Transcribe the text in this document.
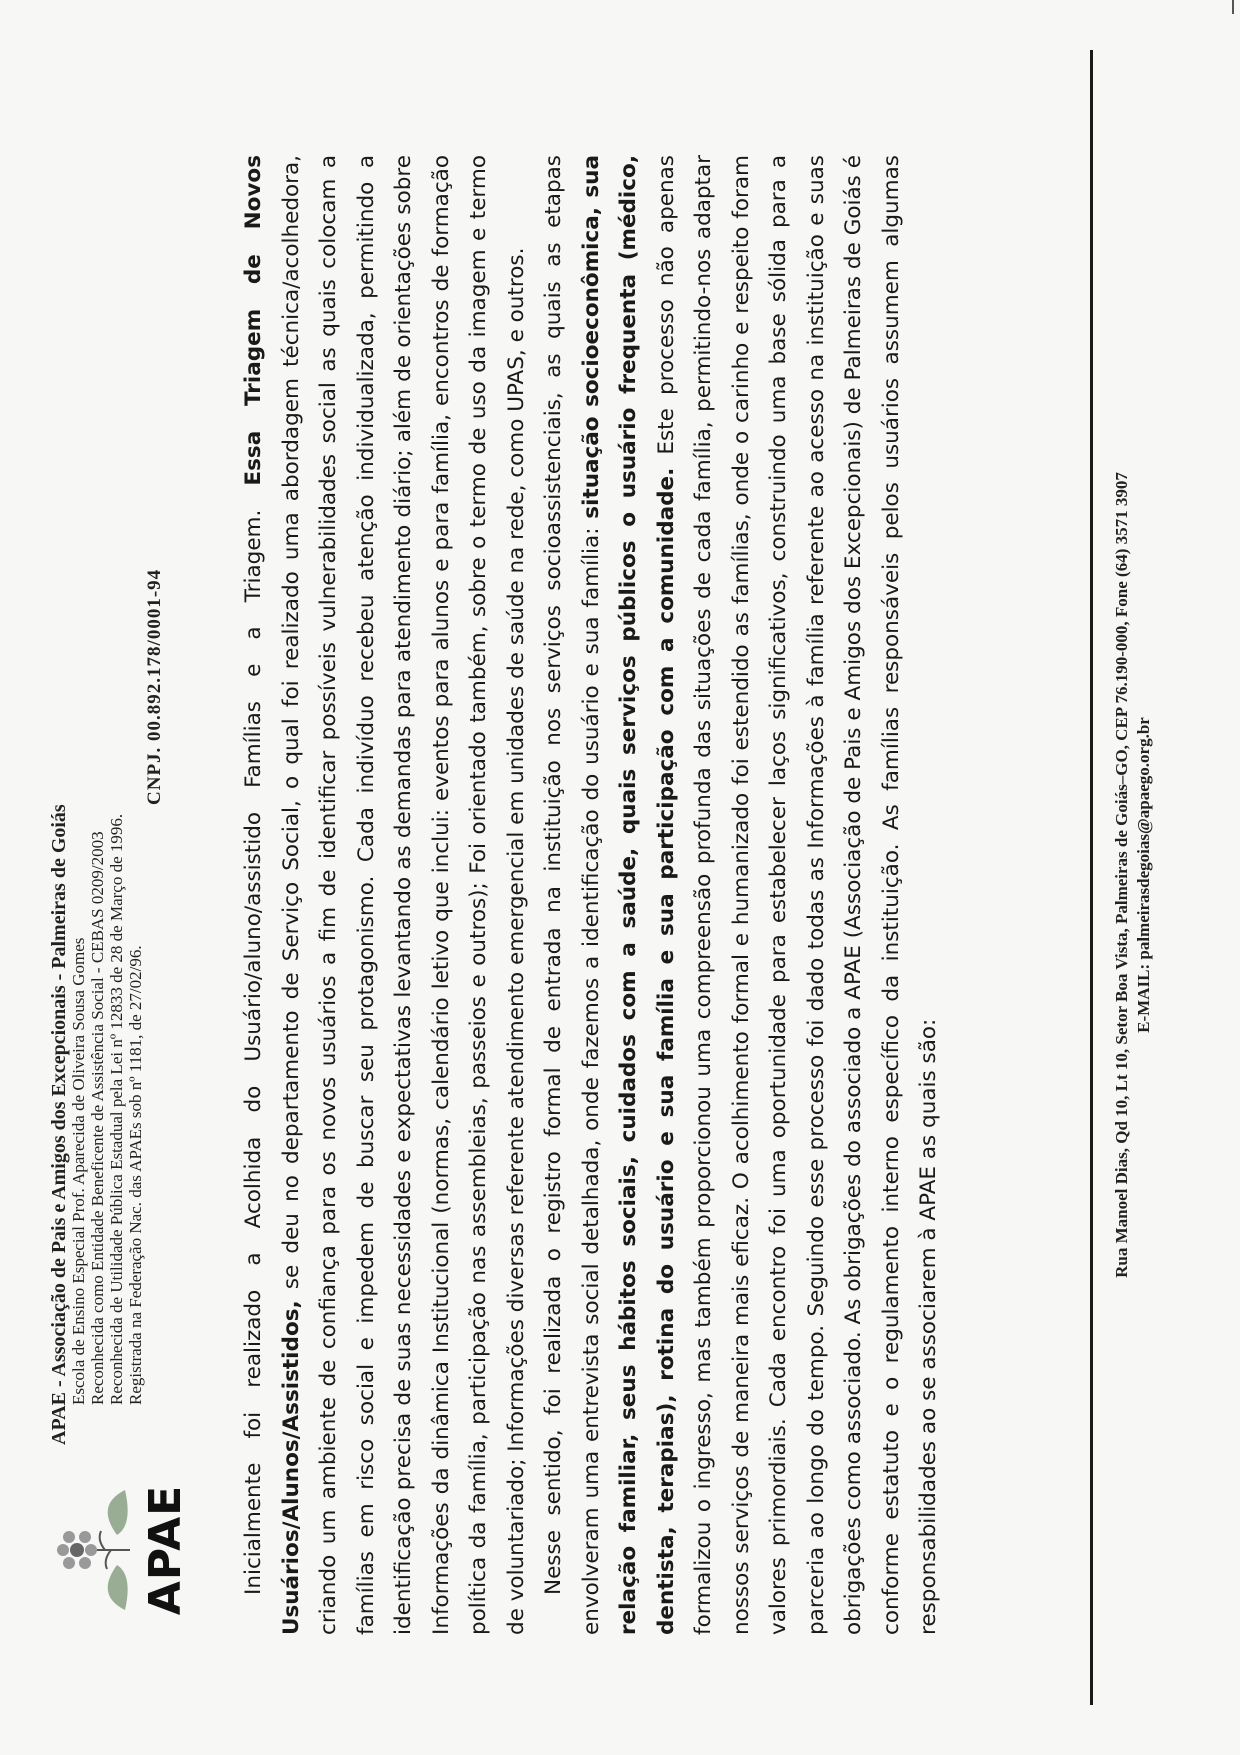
APAE
APAE - Associação de Pais e Amigos dos Excepcionais - Palmeiras de Goiás Escola de Ensino Especial Prof. Aparecida de Oliveira Sousa Gomes Reconhecida como Entidade Beneficente de Assistência Social - CEBAS 0209/2003 Reconhecida de Utilidade Pública Estadual pela Lei nº 12833 de 28 de Março de 1996. Registrada na Federação Nac. das APAEs sob nº 1181, de 27/02/96.
CNPJ. 00.892.178/0001-94	Inicialmente foi realizado a Acolhida do Usuário/aluno/assistido Famílias e a Triagem. Essa Triagem de Novos Usuários/Alunos/Assistidos, se deu no departamento de Serviço Social, o qual foi realizado uma abordagem técnica/acolhedora, criando um ambiente de confiança para os novos usuários a fim de identificar possíveis vulnerabilidades social as quais colocam a famílias em risco social e impedem de buscar seu protagonismo. Cada indivíduo recebeu atenção individualizada, permitindo a identificação precisa de suas necessidades e expectativas levantando as demandas para atendimento diário; além de orientações sobre Informações da dinâmica Institucional (normas, calendário letivo que inclui: eventos para alunos e para família, encontros de formação política da família, participação nas assembleias, passeios e outros); Foi orientado também, sobre o termo de uso da imagem e termo de voluntariado; Informações diversas referente atendimento emergencial em unidades de saúde na rede, como UPAS, e outros. Nesse sentido, foi realizada o registro formal de entrada na instituição nos serviços socioassistenciais, as quais as etapas envolveram uma entrevista social detalhada, onde fazemos a identificação do usuário e sua família: situação socioeconômica, sua relação familiar, seus hábitos sociais, cuidados com a saúde, quais serviços públicos o usuário frequenta (médico, dentista, terapias), rotina do usuário e sua família e sua participação com a comunidade. Este processo não apenas formalizou o ingresso, mas também proporcionou uma compreensão profunda das situações de cada família, permitindo-nos adaptar nossos serviços de maneira mais eficaz. O acolhimento formal e humanizado foi estendido as famílias, onde o carinho e respeito foram valores primordiais. Cada encontro foi uma oportunidade para estabelecer laços significativos, construindo uma base sólida para a parceria ao longo do tempo. Seguindo esse processo foi dado todas as Informações à família referente ao acesso na instituição e suas obrigações como associado. As obrigações do associado a APAE (Associação de Pais e Amigos dos Excepcionais) de Palmeiras de Goiás é conforme estatuto e o regulamento interno específico da instituição. As famílias responsáveis pelos usuários assumem algumas responsabilidades ao se associarem à APAE as quais são:

Rua Manoel Dias, Qd 10, Lt 10, Setor Boa Vista, Palmeiras de Goiás–GO, CEP 76.190-000, Fone (64) 3571 3907 E-MAIL: palmeirasdegoias@apaego.org.br
